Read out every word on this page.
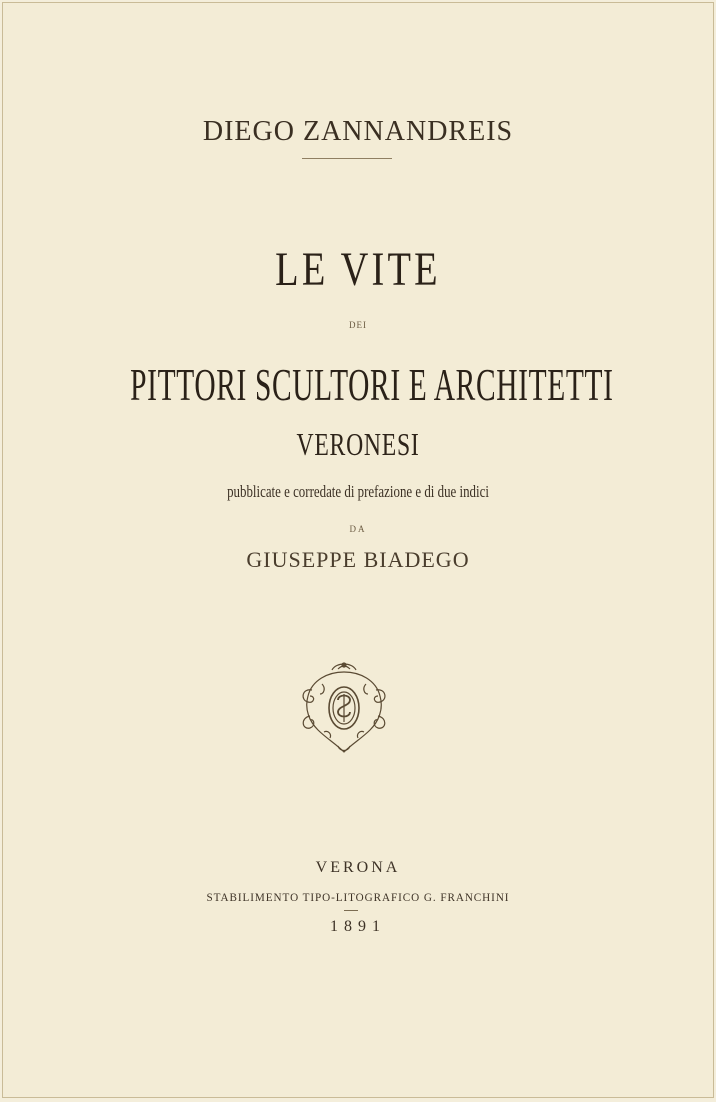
DIEGO ZANNANDREIS
LE VITE
DEI
PITTORI SCULTORI E ARCHITETTI
VERONESI
pubblicate e corredate di prefazione e di due indici
DA
GIUSEPPE BIADEGO
VERONA
STABILIMENTO TIPO-LITOGRAFICO G. FRANCHINI
1891
